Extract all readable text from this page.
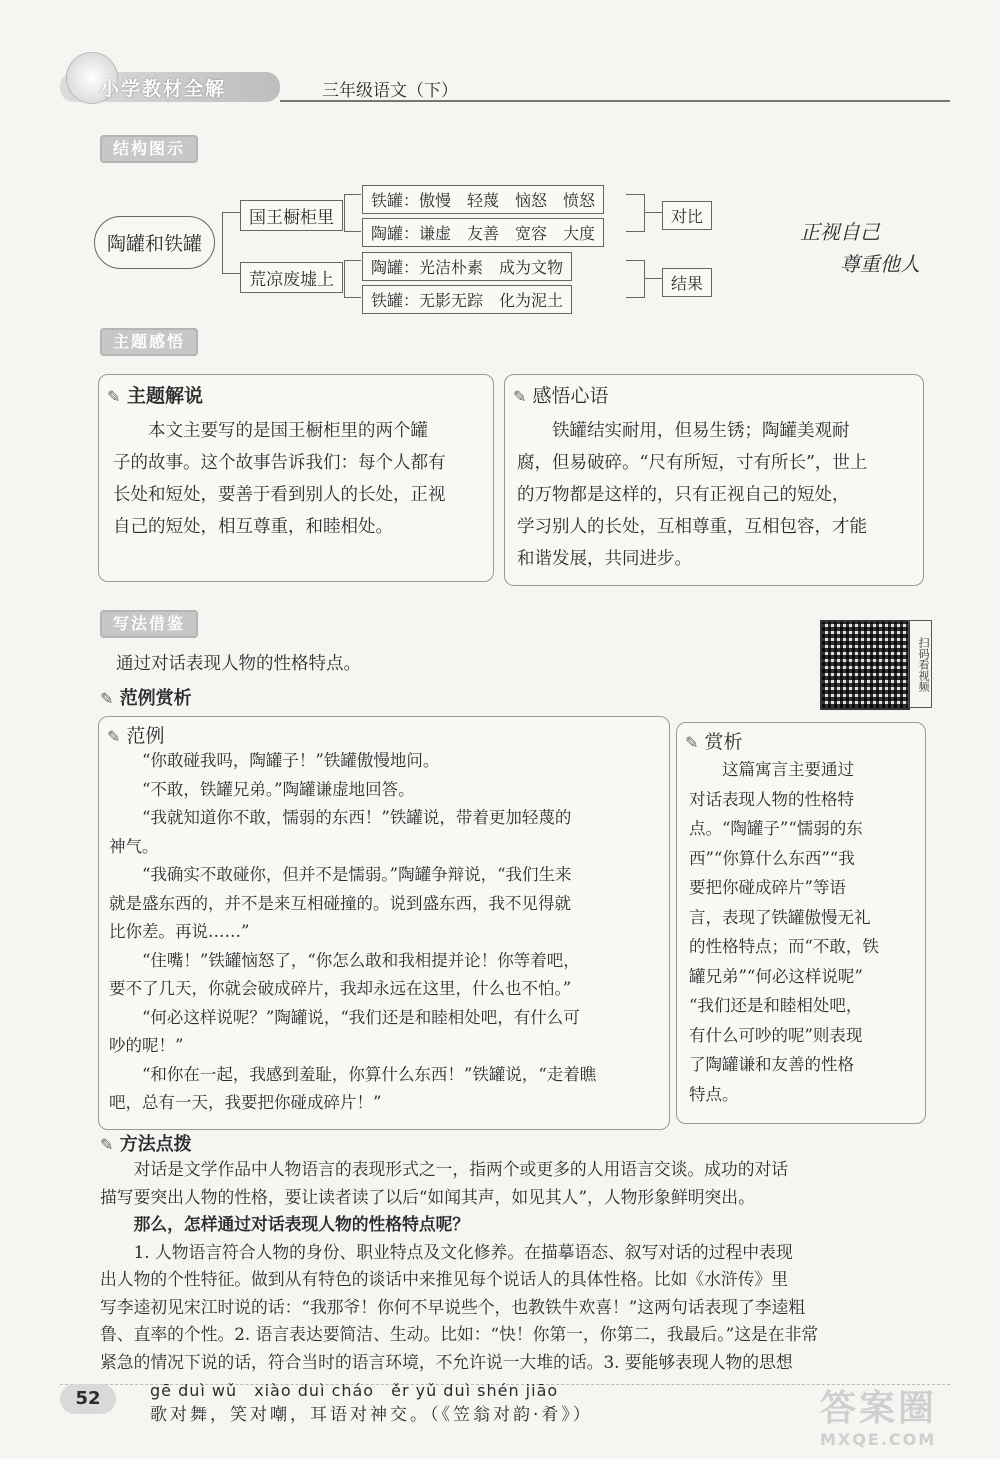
小学教材全解	三年级语文（下）
结构图示
陶罐和铁罐
国王橱柜里
荒凉废墟上
铁罐：傲慢　轻蔑　恼怒　愤怒
陶罐：谦虚　友善　宽容　大度
陶罐：光洁朴素　成为文物
铁罐：无影无踪　化为泥土
对比
结果
正视自己
尊重他人
主题感悟
✎ 主题解说
　　本文主要写的是国王橱柜里的两个罐
子的故事。这个故事告诉我们：每个人都有
长处和短处，要善于看到别人的长处，正视
自己的短处，相互尊重，和睦相处。
✎ 感悟心语
　　铁罐结实耐用，但易生锈；陶罐美观耐
腐，但易破碎。“尺有所短，寸有所长”，世上
的万物都是这样的，只有正视自己的短处，
学习别人的长处，互相尊重，互相包容，才能
和谐发展，共同进步。
写法借鉴
扫码看视频
通过对话表现人物的性格特点。
✎ 范例赏析
✎ 范例
　　“你敢碰我吗，陶罐子！”铁罐傲慢地问。
　　“不敢，铁罐兄弟。”陶罐谦虚地回答。
　　“我就知道你不敢，懦弱的东西！”铁罐说，带着更加轻蔑的
神气。
　　“我确实不敢碰你，但并不是懦弱。”陶罐争辩说，“我们生来
就是盛东西的，并不是来互相碰撞的。说到盛东西，我不见得就
比你差。再说……”
　　“住嘴！”铁罐恼怒了，“你怎么敢和我相提并论！你等着吧，
要不了几天，你就会破成碎片，我却永远在这里，什么也不怕。”
　　“何必这样说呢？”陶罐说，“我们还是和睦相处吧，有什么可
吵的呢！”
　　“和你在一起，我感到羞耻，你算什么东西！”铁罐说，“走着瞧
吧，总有一天，我要把你碰成碎片！”
✎ 赏析
　　这篇寓言主要通过
对话表现人物的性格特
点。“陶罐子”“懦弱的东
西”“你算什么东西”“我
要把你碰成碎片”等语
言，表现了铁罐傲慢无礼
的性格特点；而“不敢，铁
罐兄弟”“何必这样说呢”
“我们还是和睦相处吧，
有什么可吵的呢”则表现
了陶罐谦和友善的性格
特点。
✎ 方法点拨
　　对话是文学作品中人物语言的表现形式之一，指两个或更多的人用语言交谈。成功的对话
描写要突出人物的性格，要让读者读了以后“如闻其声，如见其人”，人物形象鲜明突出。
　　那么，怎样通过对话表现人物的性格特点呢？
　　1. 人物语言符合人物的身份、职业特点及文化修养。在描摹语态、叙写对话的过程中表现
出人物的个性特征。做到从有特色的谈话中来推见每个说话人的具体性格。比如《水浒传》里
写李逵初见宋江时说的话：“我那爷！你何不早说些个，也教铁牛欢喜！”这两句话表现了李逵粗
鲁、直率的个性。2. 语言表达要简洁、生动。比如：“快！你第一，你第二，我最后。”这是在非常
紧急的情况下说的话，符合当时的语言环境，不允许说一大堆的话。3. 要能够表现人物的思想
52	gē duì wǔ　xiào duì cháo　ěr yǔ duì shén jiāo
歌对舞，笑对嘲，耳语对神交。（《笠翁对韵·肴》）	答案圈
MXQE.COM
